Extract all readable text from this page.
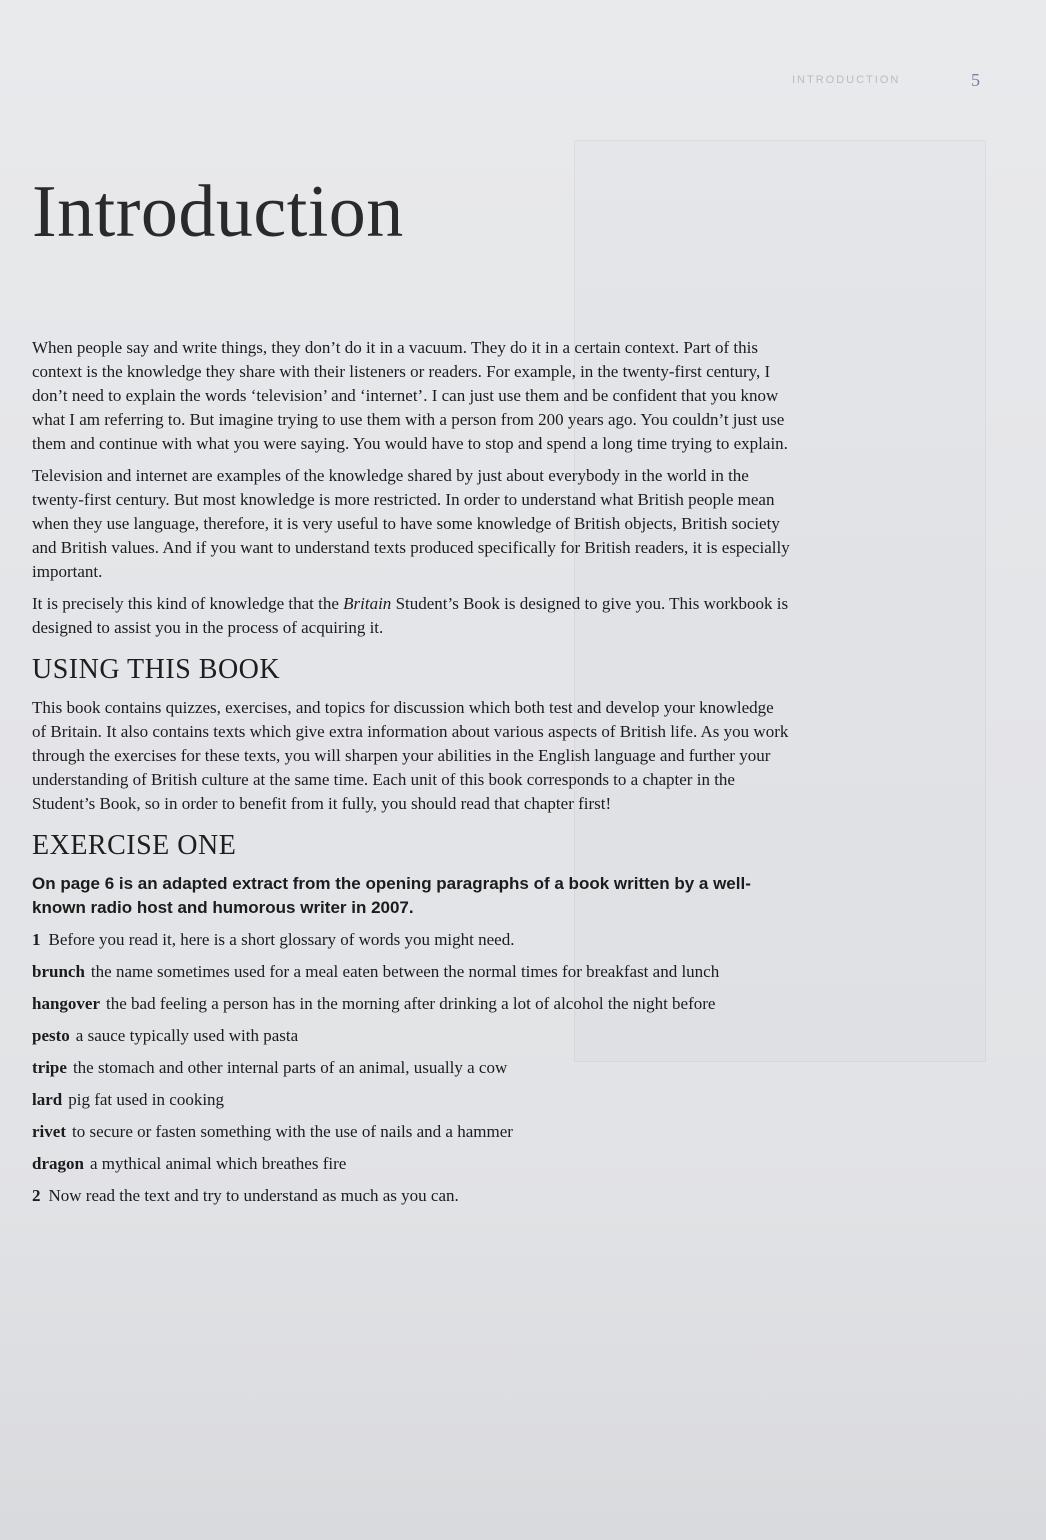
INTRODUCTION	5
Introduction

When people say and write things, they don’t do it in a vacuum. They do it in a certain context. Part of this context is the knowledge they share with their listeners or readers. For example, in the twenty-first century, I don’t need to explain the words ‘television’ and ‘internet’. I can just use them and be confident that you know what I am referring to. But imagine trying to use them with a person from 200 years ago. You couldn’t just use them and continue with what you were saying. You would have to stop and spend a long time trying to explain.

Television and internet are examples of the knowledge shared by just about everybody in the world in the twenty-first century. But most knowledge is more restricted. In order to understand what British people mean when they use language, therefore, it is very useful to have some knowledge of British objects, British society and British values. And if you want to understand texts produced specifically for British readers, it is especially important.

It is precisely this kind of knowledge that the Britain Student’s Book is designed to give you. This workbook is designed to assist you in the process of acquiring it.

USING THIS BOOK

This book contains quizzes, exercises, and topics for discussion which both test and develop your knowledge of Britain. It also contains texts which give extra information about various aspects of British life. As you work through the exercises for these texts, you will sharpen your abilities in the English language and further your understanding of British culture at the same time. Each unit of this book corresponds to a chapter in the Student’s Book, so in order to benefit from it fully, you should read that chapter first!

EXERCISE ONE
On page 6 is an adapted extract from the opening paragraphs of a book written by a well-known radio host and humorous writer in 2007.

1 Before you read it, here is a short glossary of words you might need.

brunch the name sometimes used for a meal eaten between the normal times for breakfast and lunch

hangover the bad feeling a person has in the morning after drinking a lot of alcohol the night before

pesto a sauce typically used with pasta

tripe the stomach and other internal parts of an animal, usually a cow

lard pig fat used in cooking

rivet to secure or fasten something with the use of nails and a hammer

dragon a mythical animal which breathes fire

2 Now read the text and try to understand as much as you can.
